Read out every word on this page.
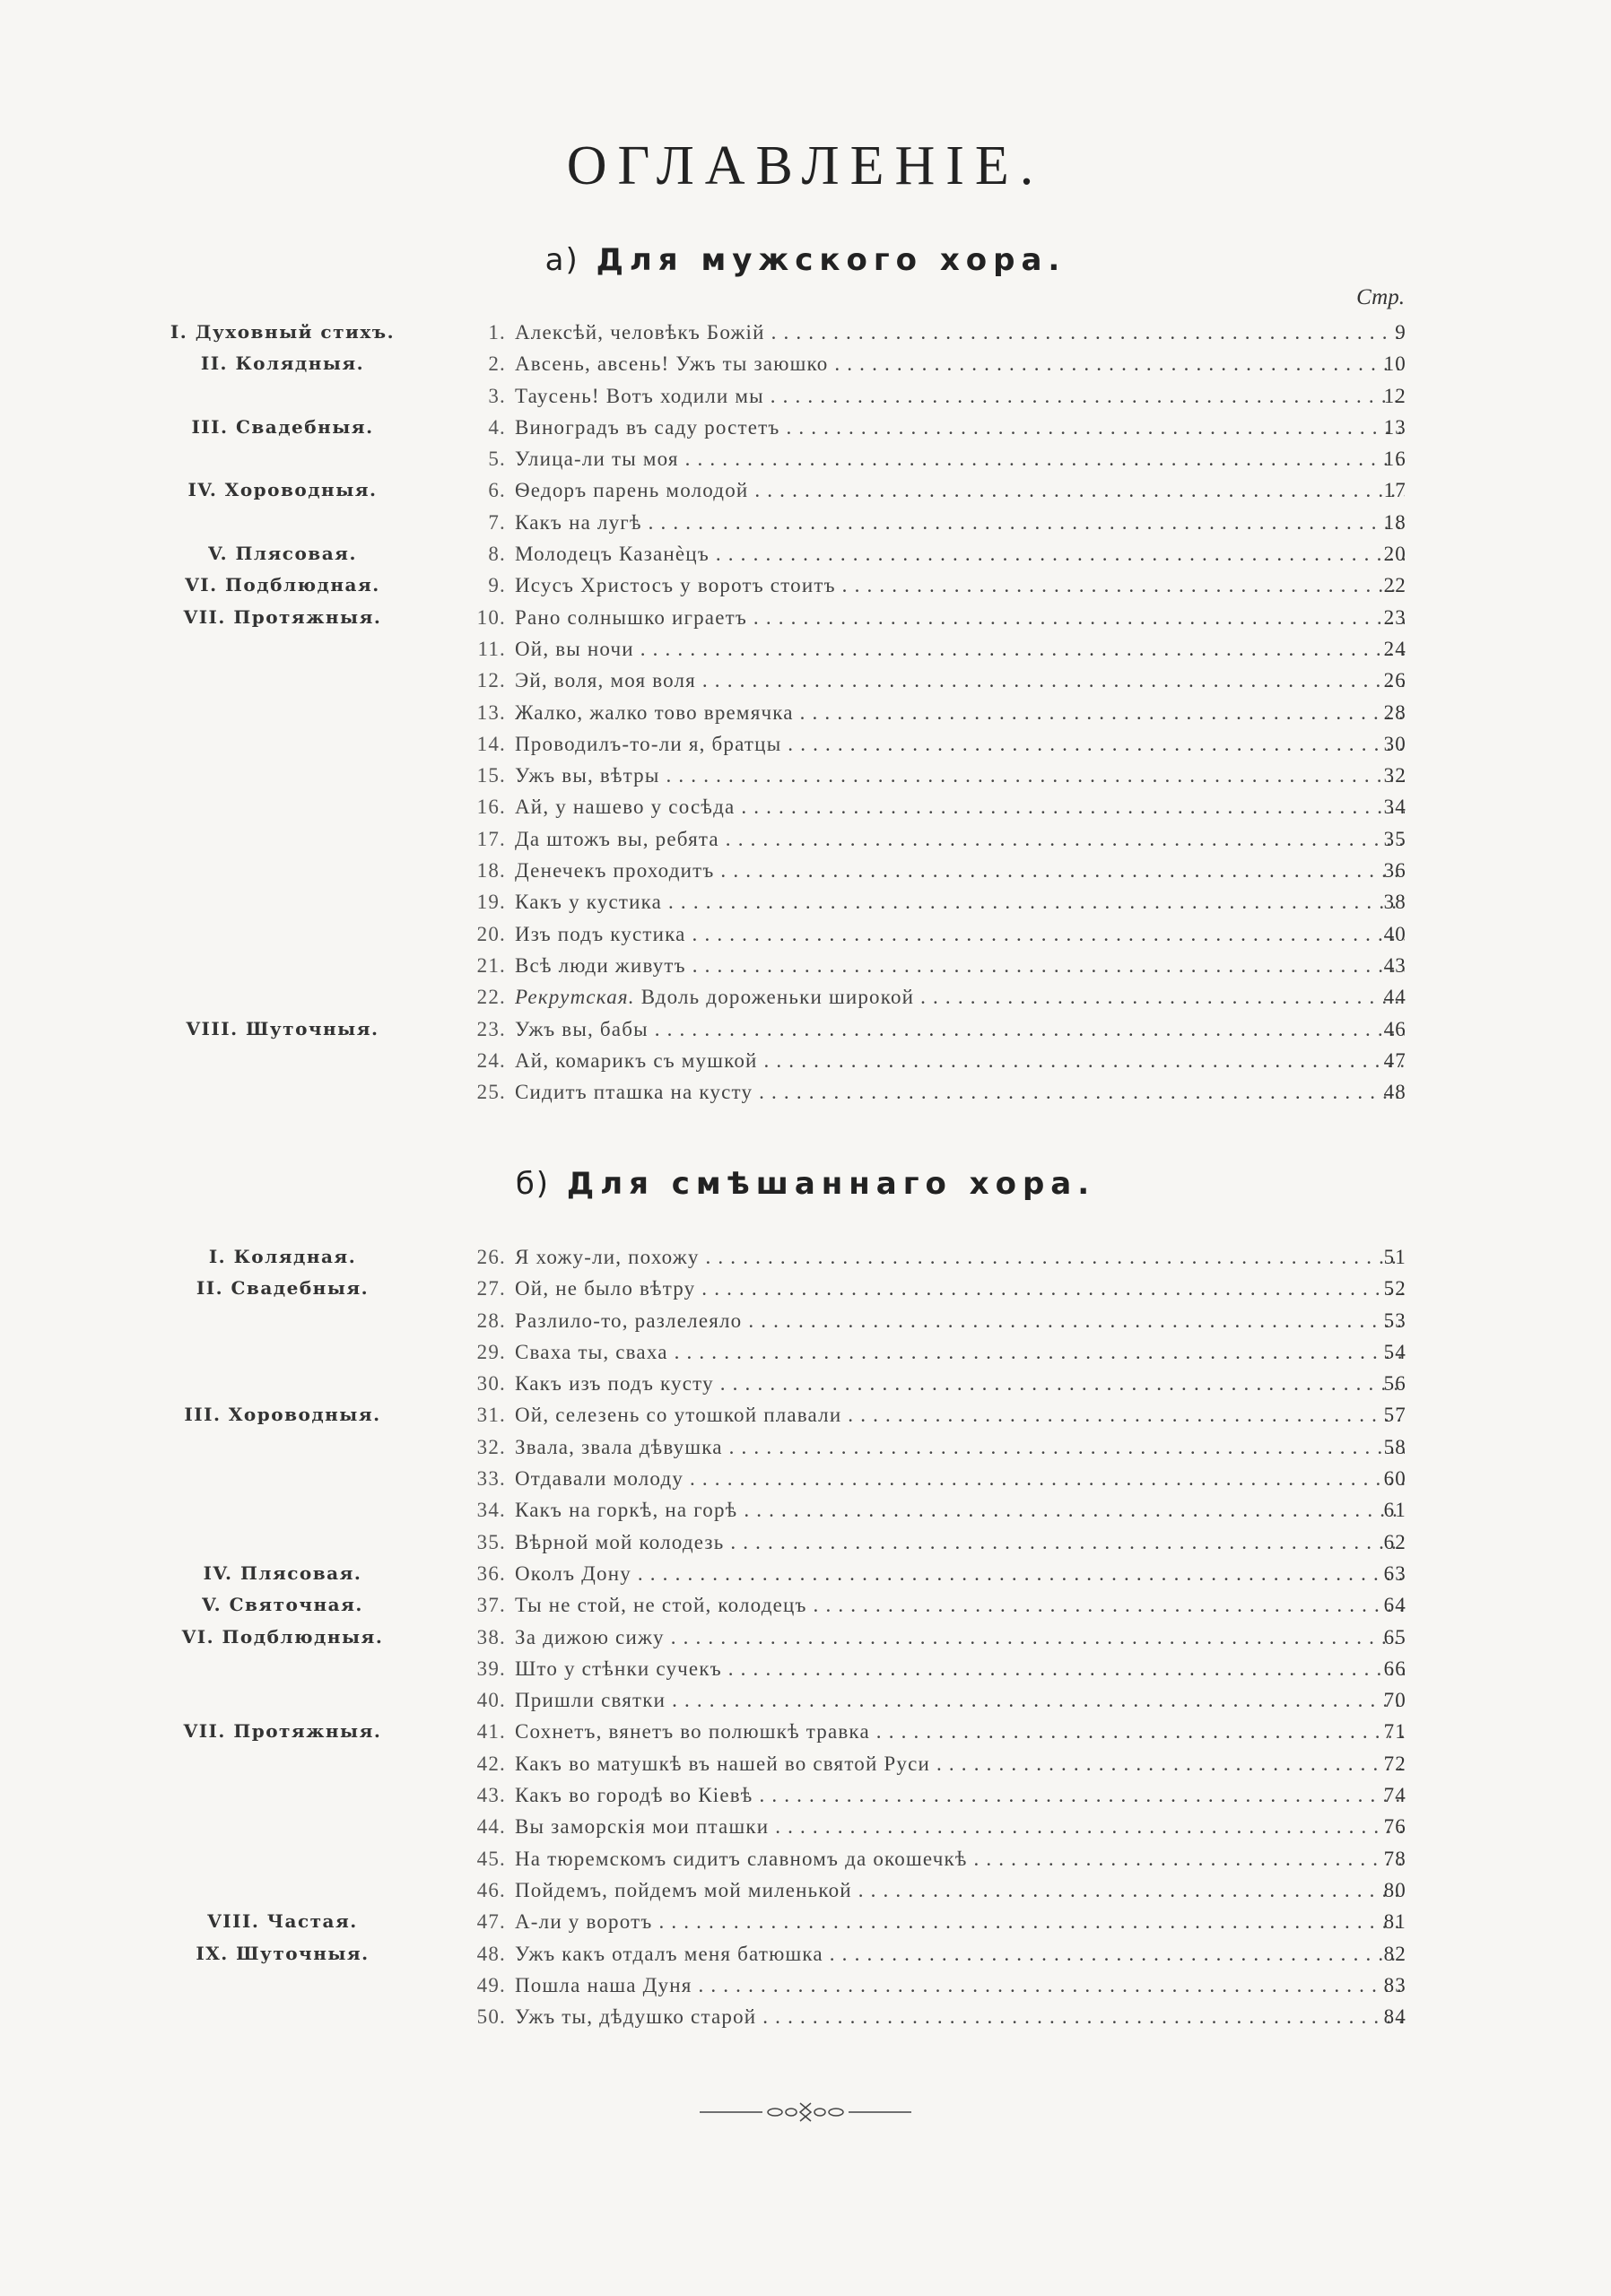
ОГЛАВЛЕНІЕ.
а) Для мужского хора.
Стр.
I. Духовный стихъ.	1. Алексѣй, человѣкъ Божій . . .	9
II. Колядныя.	2. Авсень, авсень! Ужъ ты заюшко . . .	10
3. Таусень! Вотъ ходили мы . . .	12
III. Свадебныя.	4. Виноградъ въ саду ростетъ . . .	13
5. Улица-ли ты моя . . .	16
IV. Хороводныя.	6. Ѳедоръ парень молодой . . .	17
7. Какъ на лугѣ . . .	18
V. Плясовая.	8. Молодецъ Казанѐцъ . . .	20
VI. Подблюдная.	9. Исусъ Христосъ у воротъ стоитъ . . .	22
VII. Протяжныя.	10. Рано солнышко играетъ . . .	23
11. Ой, вы ночи . . .	24
12. Эй, воля, моя воля . . .	26
13. Жалко, жалко тово времячка . . .	28
14. Проводилъ-то-ли я, братцы . . .	30
15. Ужъ вы, вѣтры . . .	32
16. Ай, у нашево у сосѣда . . .	34
17. Да штожъ вы, ребята . . .	35
18. Денечекъ проходитъ . . .	36
19. Какъ у кустика . . .	38
20. Изъ подъ кустика . . .	40
21. Всѣ люди живутъ . . .	43
22. Рекрутская. Вдоль дороженьки широкой . . .	44
VIII. Шуточныя.	23. Ужъ вы, бабы . . .	46
24. Ай, комарикъ съ мушкой . . .	47
25. Сидитъ пташка на кусту . . .	48
б) Для смѣшаннаго хора.
I. Колядная.	26. Я хожу-ли, похожу . . .	51
II. Свадебныя.	27. Ой, не было вѣтру . . .	52
28. Разлило-то, разлелеяло . . .	53
29. Сваха ты, сваха . . .	54
30. Какъ изъ подъ кусту . . .	56
III. Хороводныя.	31. Ой, селезень со утошкой плавали . . .	57
32. Звала, звала дѣвушка . . .	58
33. Отдавали молоду . . .	60
34. Какъ на горкѣ, на горѣ . . .	61
35. Вѣрной мой колодезь . . .	62
IV. Плясовая.	36. Околъ Дону . . .	63
V. Святочная.	37. Ты не стой, не стой, колодецъ . . .	64
VI. Подблюдныя.	38. За дижою сижу . . .	65
39. Што у стѣнки сучекъ . . .	66
40. Пришли святки . . .	70
VII. Протяжныя.	41. Сохнетъ, вянетъ во полюшкѣ травка . . .	71
42. Какъ во матушкѣ въ нашей во святой Руси . . .	72
43. Какъ во городѣ во Кіевѣ . . .	74
44. Вы заморскія мои пташки . . .	76
45. На тюремскомъ сидитъ славномъ да окошечкѣ . . .	78
46. Пойдемъ, пойдемъ мой миленькой . . .	80
VIII. Частая.	47. А-ли у воротъ . . .	81
IX. Шуточныя.	48. Ужъ какъ отдалъ меня батюшка . . .	82
49. Пошла наша Дуня . . .	83
50. Ужъ ты, дѣдушко старой . . .	84
